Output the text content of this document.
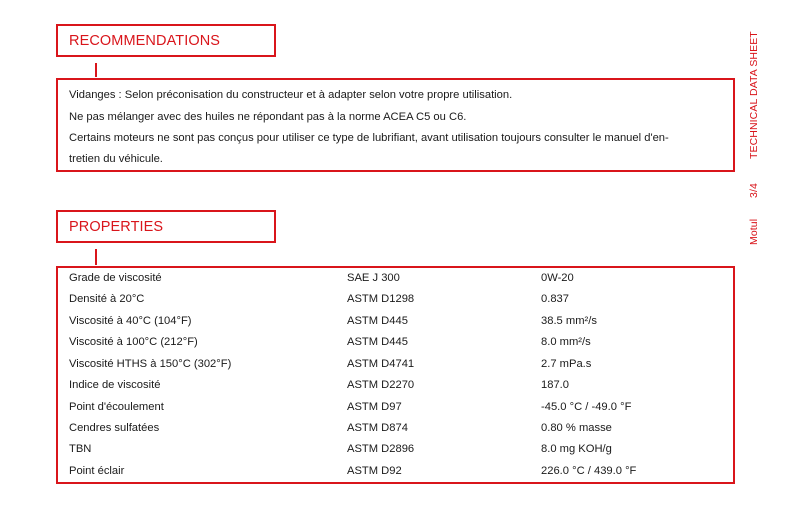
RECOMMENDATIONS
Vidanges : Selon préconisation du constructeur et à adapter selon votre propre utilisation.
Ne pas mélanger avec des huiles ne répondant pas à la norme ACEA C5 ou C6.
Certains moteurs ne sont pas conçus pour utiliser ce type de lubrifiant, avant utilisation toujours consulter le manuel d'en-
tretien du véhicule.
PROPERTIES
Grade de viscosité	SAE J 300	0W-20
Densité à 20°C	ASTM D1298	0.837
Viscosité à 40°C (104°F)	ASTM D445	38.5 mm²/s
Viscosité à 100°C (212°F)	ASTM D445	8.0 mm²/s
Viscosité HTHS à 150°C (302°F)	ASTM D4741	2.7 mPa.s
Indice de viscosité	ASTM D2270	187.0
Point d'écoulement	ASTM D97	-45.0 °C / -49.0 °F
Cendres sulfatées	ASTM D874	0.80 % masse
TBN	ASTM D2896	8.0 mg KOH/g
Point éclair	ASTM D92	226.0 °C / 439.0 °F
TECHNICAL DATA SHEET
3/4
Motul
